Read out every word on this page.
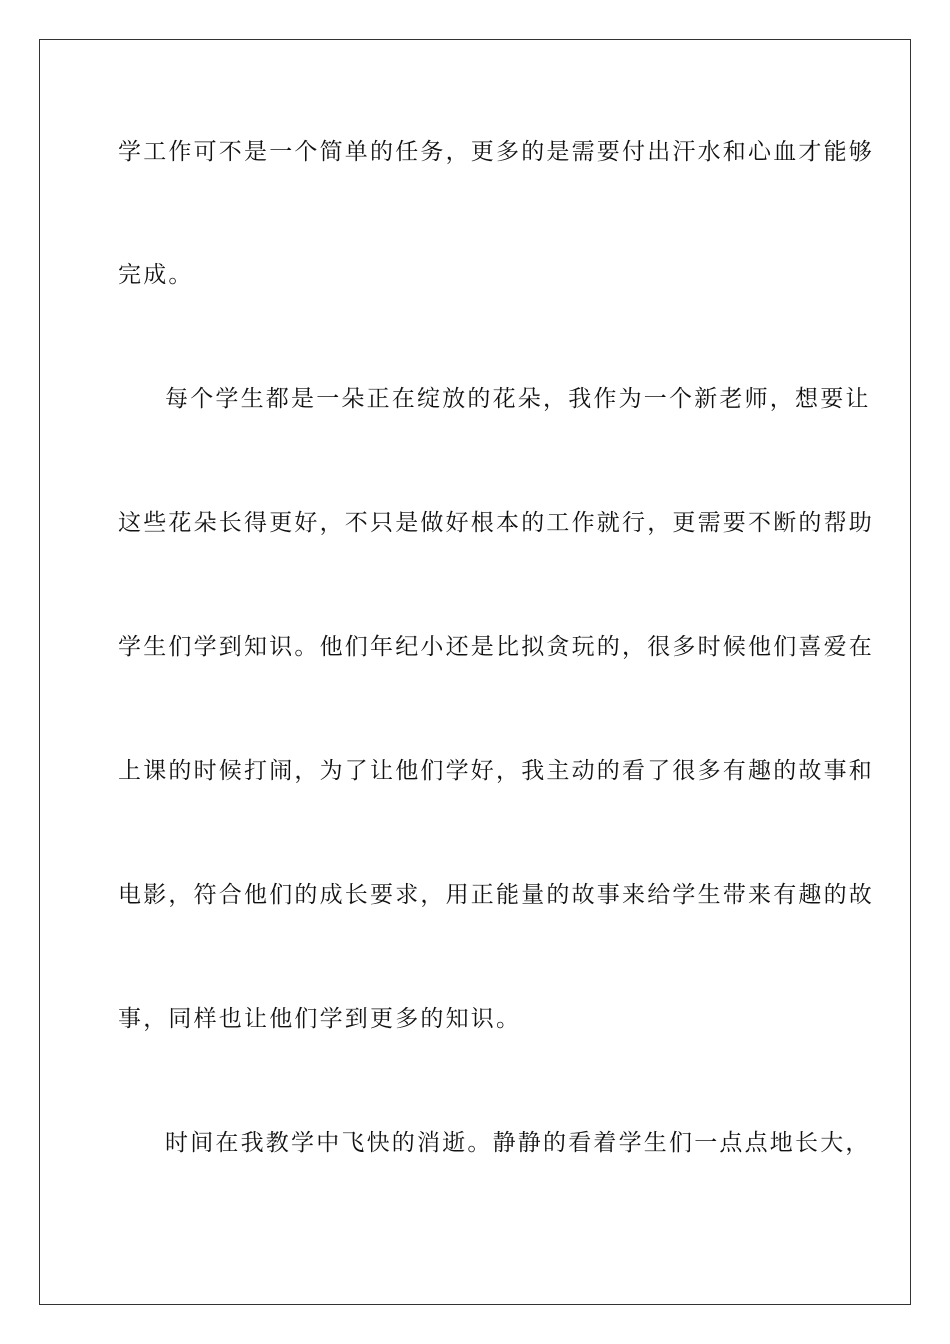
学工作可不是一个简单的任务，更多的是需要付出汗水和心血才能够
完成。
每个学生都是一朵正在绽放的花朵，我作为一个新老师，想要让
这些花朵长得更好，不只是做好根本的工作就行，更需要不断的帮助
学生们学到知识。他们年纪小还是比拟贪玩的，很多时候他们喜爱在
上课的时候打闹，为了让他们学好，我主动的看了很多有趣的故事和
电影，符合他们的成长要求，用正能量的故事来给学生带来有趣的故
事，同样也让他们学到更多的知识。
时间在我教学中飞快的消逝。静静的看着学生们一点点地长大，
